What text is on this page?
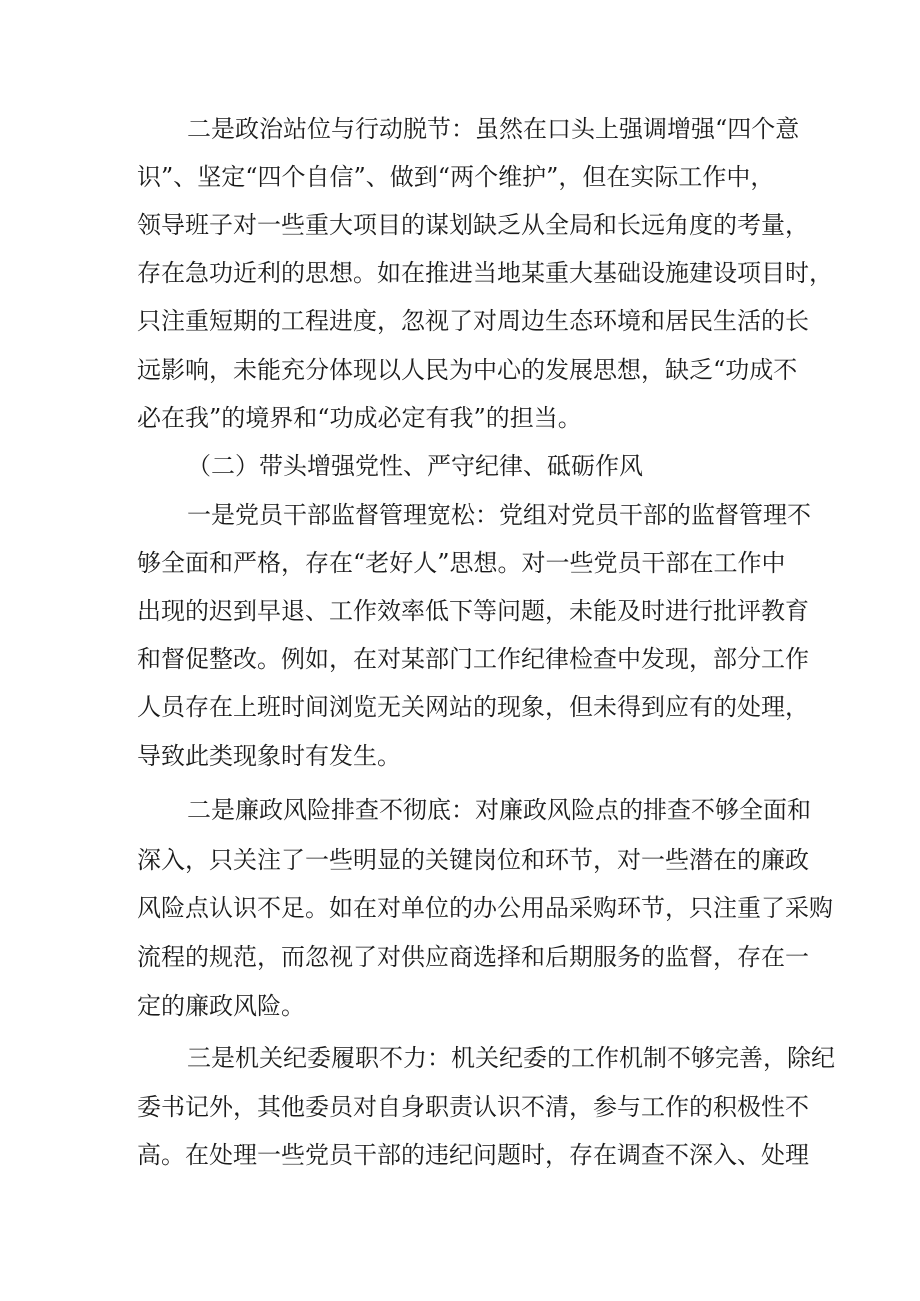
二是政治站位与行动脱节：虽然在口头上强调增强“四个意
识”、坚定“四个自信”、做到“两个维护”，但在实际工作中，
领导班子对一些重大项目的谋划缺乏从全局和长远角度的考量，
存在急功近利的思想。如在推进当地某重大基础设施建设项目时，
只注重短期的工程进度，忽视了对周边生态环境和居民生活的长
远影响，未能充分体现以人民为中心的发展思想，缺乏“功成不
必在我”的境界和“功成必定有我”的担当。
（二）带头增强党性、严守纪律、砥砺作风
一是党员干部监督管理宽松：党组对党员干部的监督管理不
够全面和严格，存在“老好人”思想。对一些党员干部在工作中
出现的迟到早退、工作效率低下等问题，未能及时进行批评教育
和督促整改。例如，在对某部门工作纪律检查中发现，部分工作
人员存在上班时间浏览无关网站的现象，但未得到应有的处理，
导致此类现象时有发生。
二是廉政风险排查不彻底：对廉政风险点的排查不够全面和
深入，只关注了一些明显的关键岗位和环节，对一些潜在的廉政
风险点认识不足。如在对单位的办公用品采购环节，只注重了采购
流程的规范，而忽视了对供应商选择和后期服务的监督，存在一
定的廉政风险。
三是机关纪委履职不力：机关纪委的工作机制不够完善，除纪
委书记外，其他委员对自身职责认识不清，参与工作的积极性不
高。在处理一些党员干部的违纪问题时，存在调查不深入、处理
